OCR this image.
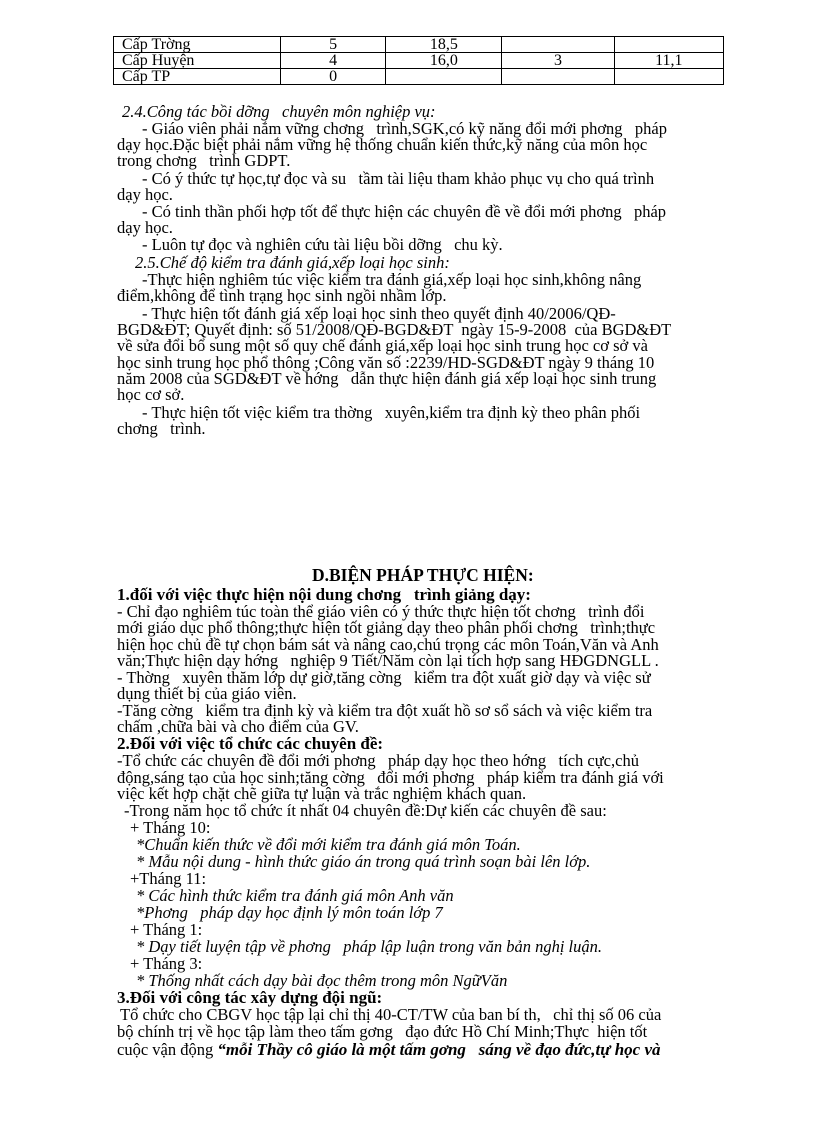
Cấp Trờng	5	18,5		
Cấp Huyện	4	16,0	3	11,1
Cấp TP	0			
2.4.Công tác bồi dỡng   chuyên môn nghiệp vụ:
- Giáo viên phải nắm vững chơng   trình,SGK,có kỹ năng đổi mới phơng   pháp
dạy học.Đặc biệt phải nắm vững hệ thống chuẩn kiến thức,kỹ năng của môn học
trong chơng   trình GDPT.
- Có ý thức tự học,tự đọc và su   tầm tài liệu tham khảo phục vụ cho quá trình
dạy học.
- Có tinh thần phối hợp tốt để thực hiện các chuyên đề về đổi mới phơng   pháp
dạy học.
- Luôn tự đọc và nghiên cứu tài liệu bồi dỡng   chu kỳ.
2.5.Chế độ kiểm tra đánh giá,xếp loại học sinh:
-Thực hiện nghiêm túc việc kiểm tra đánh giá,xếp loại học sinh,không nâng
điểm,không để tình trạng học sinh ngồi nhầm lớp.
- Thực hiện tốt đánh giá xếp loại học sinh theo quyết định 40/2006/QĐ-
BGD&ĐT; Quyết định: số 51/2008/QĐ-BGD&ĐT  ngày 15-9-2008  của BGD&ĐT
về sửa đổi bổ sung một số quy chế đánh giá,xếp loại học sinh trung học cơ sở và
học sinh trung học phổ thông ;Công văn số :2239/HD-SGD&ĐT ngày 9 tháng 10
năm 2008 của SGD&ĐT về hớng   dẫn thực hiện đánh giá xếp loại học sinh trung
học cơ sở.
- Thực hiện tốt việc kiểm tra thờng   xuyên,kiểm tra định kỳ theo phân phối
chơng   trình.
D.BIỆN PHÁP THỰC HIỆN:
1.đối với việc thực hiện nội dung chơng   trình giảng dạy:
- Chỉ đạo nghiêm túc toàn thể giáo viên có ý thức thực hiện tốt chơng   trình đổi
mới giáo dục phổ thông;thực hiện tốt giảng dạy theo phân phối chơng   trình;thực
hiện học chủ đề tự chọn bám sát và nâng cao,chú trọng các môn Toán,Văn và Anh
văn;Thực hiện dạy hớng   nghiệp 9 Tiết/Năm còn lại tích hợp sang HĐGDNGLL .
- Thờng   xuyên thăm lớp dự giờ,tăng cờng   kiểm tra đột xuất giờ dạy và việc sử
dụng thiết bị của giáo viên.
-Tăng cờng   kiểm tra định kỳ và kiểm tra đột xuất hồ sơ sổ sách và việc kiểm tra
chấm ,chữa bài và cho điểm của GV.
2.Đối với việc tổ chức các chuyên đề:
-Tổ chức các chuyên đề đổi mới phơng   pháp dạy học theo hớng   tích cực,chủ
động,sáng tạo của học sinh;tăng cờng   đổi mới phơng   pháp kiểm tra đánh giá với
việc kết hợp chặt chẽ giữa tự luận và trắc nghiệm khách quan.
-Trong năm học tổ chức ít nhất 04 chuyên đề:Dự kiến các chuyên đề sau:
+ Tháng 10:
*Chuẩn kiến thức về đổi mới kiểm tra đánh giá môn Toán.
* Mẫu nội dung - hình thức giáo án trong quá trình soạn bài lên lớp.
+Tháng 11:
* Các hình thức kiểm tra đánh giá môn Anh văn
*Phơng   pháp dạy học định lý môn toán lớp 7
+ Tháng 1:
* Dạy tiết luyện tập về phơng   pháp lập luận trong văn bản nghị luận.
+ Tháng 3:
* Thống nhất cách dạy bài đọc thêm trong môn NgữVăn
3.Đối với công tác xây dựng đội ngũ:
Tổ chức cho CBGV học tập lại chỉ thị 40-CT/TW của ban bí th,   chỉ thị số 06 của
bộ chính trị về học tập làm theo tấm gơng   đạo đức Hồ Chí Minh;Thực  hiện tốt
cuộc vận động “mỗi Thầy cô giáo là một tấm gơng   sáng về đạo đức,tự học và
